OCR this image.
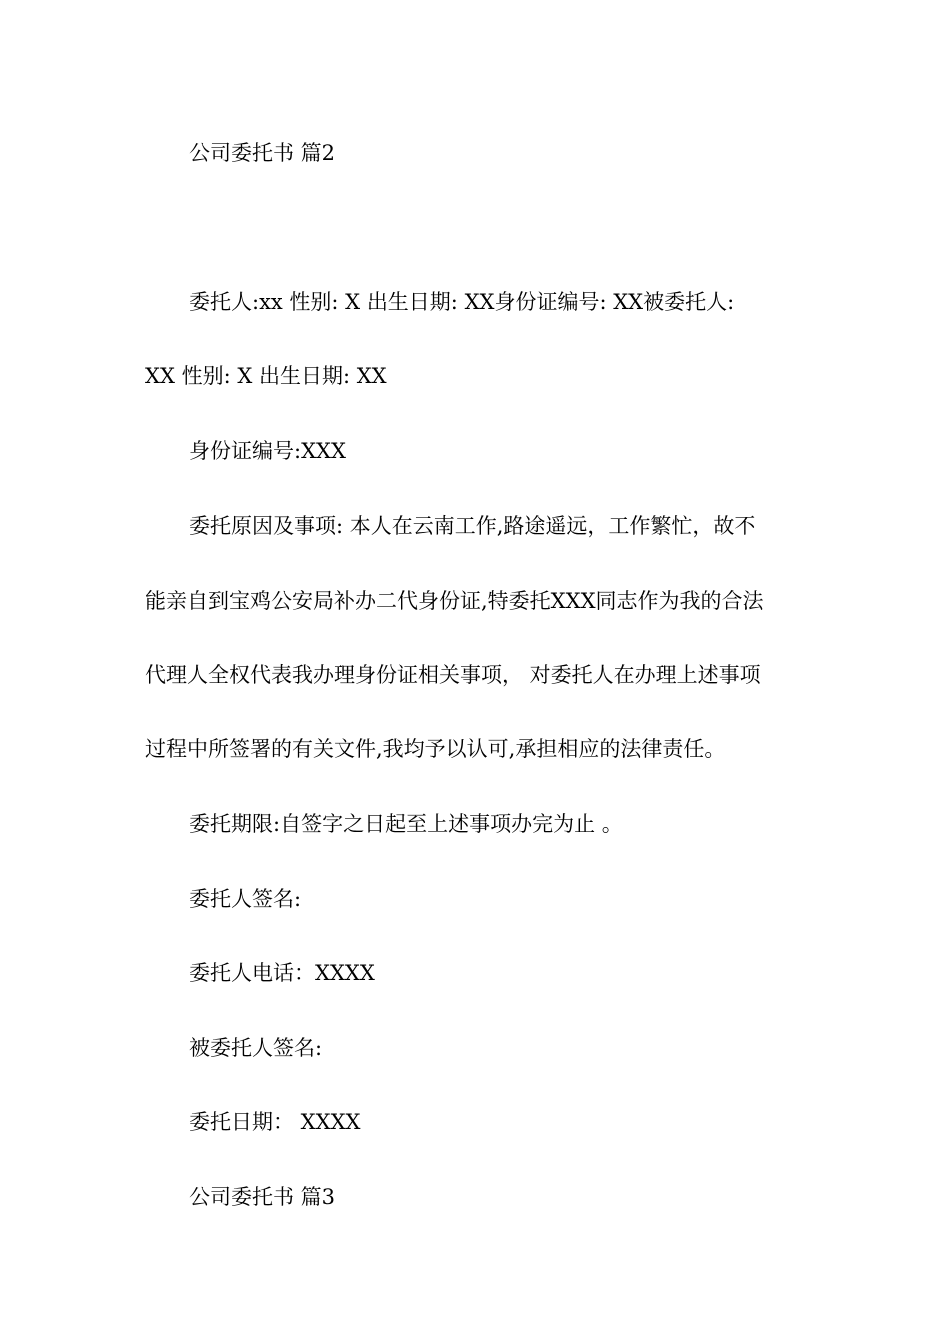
公司委托书 篇2
委托人:xx 性别: X 出生日期: XX身份证编号: XX被委托人:
XX 性别: X 出生日期: XX
身份证编号:XXX
委托原因及事项: 本人在云南工作,路途遥远，工作繁忙，故不
能亲自到宝鸡公安局补办二代身份证,特委托XXX同志作为我的合法
代理人全权代表我办理身份证相关事项， 对委托人在办理上述事项
过程中所签署的有关文件,我均予以认可,承担相应的法律责任。
委托期限:自签字之日起至上述事项办完为止 。
委托人签名:
委托人电话：XXXX
被委托人签名:
委托日期： XXXX
公司委托书 篇3
